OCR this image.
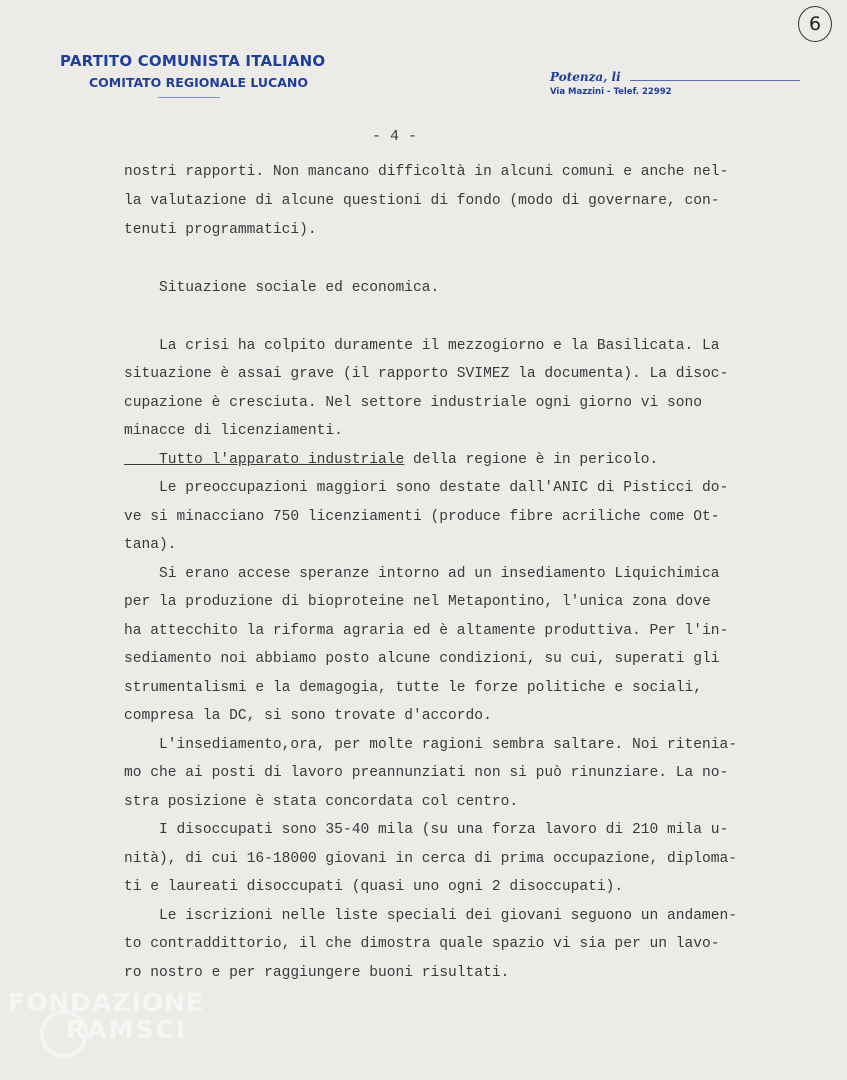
PARTITO COMUNISTA ITALIANO
COMITATO REGIONALE LUCANO	Potenza, li
Via Mazzini - Telef. 22992
6
- 4 -
nostri rapporti. Non mancano difficoltà in alcuni comuni e anche nel-
la valutazione di alcune questioni di fondo (modo di governare, con-
tenuti programmatici).
Situazione sociale ed economica.
La crisi ha colpito duramente il mezzogiorno e la Basilicata. La
situazione è assai grave (il rapporto SVIMEZ la documenta). La disoc-
cupazione è cresciuta. Nel settore industriale ogni giorno vi sono
minacce di licenziamenti.
Tutto l'apparato industriale della regione è in pericolo.
Le preoccupazioni maggiori sono destate dall'ANIC di Pisticci do-
ve si minacciano 750 licenziamenti (produce fibre acriliche come Ot-
tana).
Si erano accese speranze intorno ad un insediamento Liquichimica
per la produzione di bioproteine nel Metapontino, l'unica zona dove
ha attecchito la riforma agraria ed è altamente produttiva. Per l'in-
sediamento noi abbiamo posto alcune condizioni, su cui, superati gli
strumentalismi e la demagogia, tutte le forze politiche e sociali,
compresa la DC, si sono trovate d'accordo.
L'insediamento,ora, per molte ragioni sembra saltare. Noi ritenia-
mo che ai posti di lavoro preannunziati non si può rinunziare. La no-
stra posizione è stata concordata col centro.
I disoccupati sono 35-40 mila (su una forza lavoro di 210 mila u-
nità), di cui 16-18000 giovani in cerca di prima occupazione, diploma-
ti e laureati disoccupati (quasi uno ogni 2 disoccupati).
Le iscrizioni nelle liste speciali dei giovani seguono un andamen-
to contraddittorio, il che dimostra quale spazio vi sia per un lavo-
ro nostro e per raggiungere buoni risultati.
FONDAZIONE
RAMSCI
